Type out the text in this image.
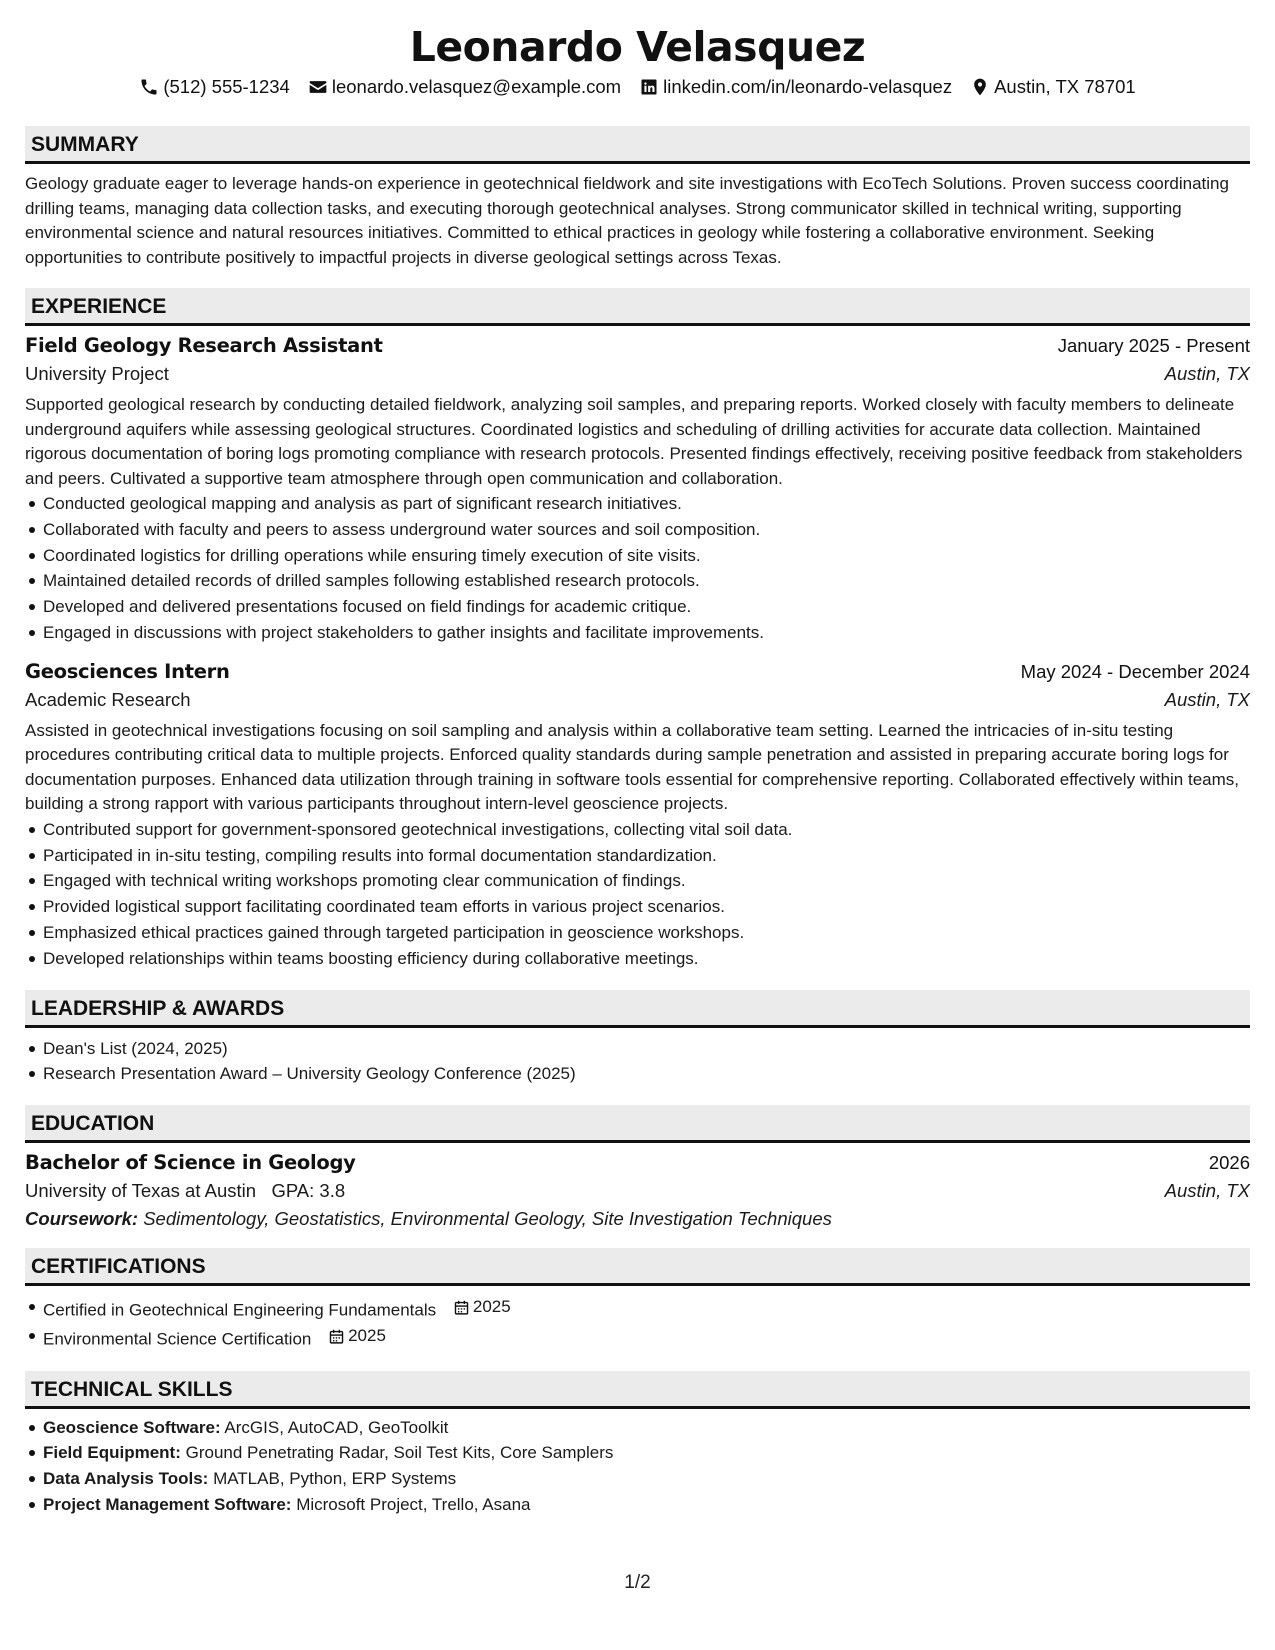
Leonardo Velasquez
(512) 555-1234 leonardo.velasquez@example.com linkedin.com/in/leonardo-velasquez Austin, TX 78701
SUMMARY
Geology graduate eager to leverage hands-on experience in geotechnical fieldwork and site investigations with EcoTech Solutions. Proven success coordinating drilling teams, managing data collection tasks, and executing thorough geotechnical analyses. Strong communicator skilled in technical writing, supporting environmental science and natural resources initiatives. Committed to ethical practices in geology while fostering a collaborative environment. Seeking opportunities to contribute positively to impactful projects in diverse geological settings across Texas.
EXPERIENCE
Field Geology Research Assistant	January 2025 - Present
University Project	Austin, TX
Supported geological research by conducting detailed fieldwork, analyzing soil samples, and preparing reports. Worked closely with faculty members to delineate underground aquifers while assessing geological structures. Coordinated logistics and scheduling of drilling activities for accurate data collection. Maintained rigorous documentation of boring logs promoting compliance with research protocols. Presented findings effectively, receiving positive feedback from stakeholders and peers. Cultivated a supportive team atmosphere through open communication and collaboration.
Conducted geological mapping and analysis as part of significant research initiatives.
Collaborated with faculty and peers to assess underground water sources and soil composition.
Coordinated logistics for drilling operations while ensuring timely execution of site visits.
Maintained detailed records of drilled samples following established research protocols.
Developed and delivered presentations focused on field findings for academic critique.
Engaged in discussions with project stakeholders to gather insights and facilitate improvements.
Geosciences Intern	May 2024 - December 2024
Academic Research	Austin, TX
Assisted in geotechnical investigations focusing on soil sampling and analysis within a collaborative team setting. Learned the intricacies of in-situ testing procedures contributing critical data to multiple projects. Enforced quality standards during sample penetration and assisted in preparing accurate boring logs for documentation purposes. Enhanced data utilization through training in software tools essential for comprehensive reporting. Collaborated effectively within teams, building a strong rapport with various participants throughout intern-level geoscience projects.
Contributed support for government-sponsored geotechnical investigations, collecting vital soil data.
Participated in in-situ testing, compiling results into formal documentation standardization.
Engaged with technical writing workshops promoting clear communication of findings.
Provided logistical support facilitating coordinated team efforts in various project scenarios.
Emphasized ethical practices gained through targeted participation in geoscience workshops.
Developed relationships within teams boosting efficiency during collaborative meetings.
LEADERSHIP & AWARDS
Dean's List (2024, 2025)
Research Presentation Award – University Geology Conference (2025)
EDUCATION
Bachelor of Science in Geology	2026
University of Texas at Austin GPA: 3.8	Austin, TX
Coursework: Sedimentology, Geostatistics, Environmental Geology, Site Investigation Techniques
CERTIFICATIONS
Certified in Geotechnical Engineering Fundamentals 2025
Environmental Science Certification 2025
TECHNICAL SKILLS
Geoscience Software: ArcGIS, AutoCAD, GeoToolkit
Field Equipment: Ground Penetrating Radar, Soil Test Kits, Core Samplers
Data Analysis Tools: MATLAB, Python, ERP Systems
Project Management Software: Microsoft Project, Trello, Asana
1/2
